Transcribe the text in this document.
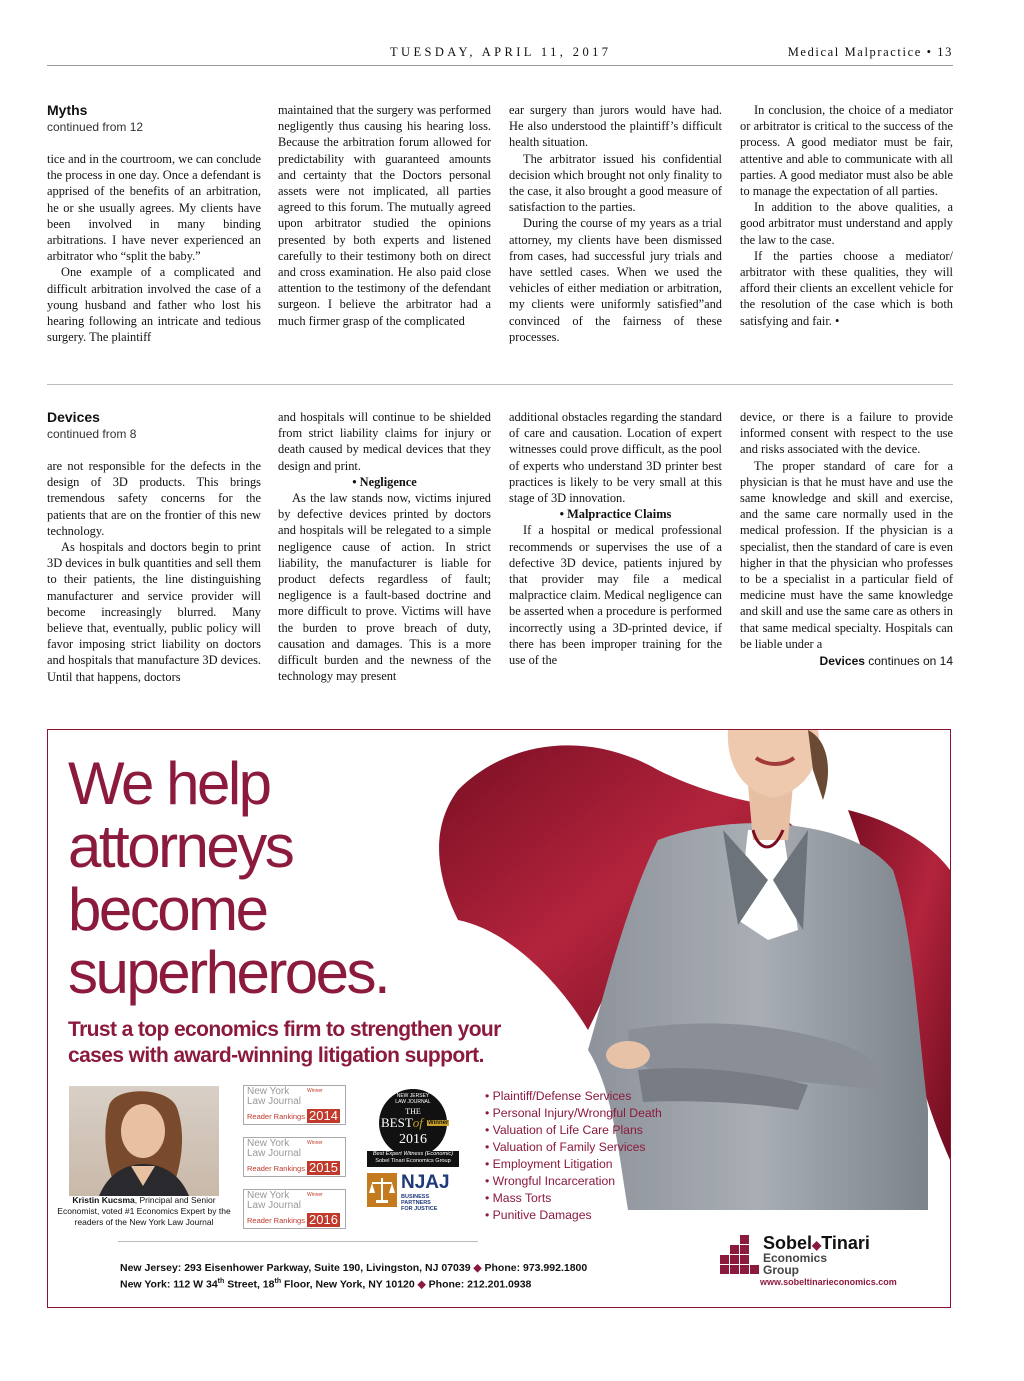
TUESDAY, APRIL 11, 2017	Medical Malpractice • 13
Myths
continued from 12

tice and in the courtroom, we can conclude the process in one day. Once a defendant is apprised of the benefits of an arbitration, he or she usually agrees. My clients have been involved in many binding arbitrations. I have never experienced an arbitrator who “split the baby.”

One example of a complicated and difficult arbitration involved the case of a young husband and father who lost his hearing following an intricate and tedious surgery. The plaintiff

maintained that the surgery was performed negligently thus causing his hearing loss. Because the arbitration forum allowed for predictability with guaranteed amounts and certainty that the Doctors personal assets were not implicated, all parties agreed to this forum. The mutually agreed upon arbitrator studied the opinions presented by both experts and listened carefully to their testimony both on direct and cross examination. He also paid close attention to the testimony of the defendant surgeon. I believe the arbitrator had a much firmer grasp of the complicated

ear surgery than jurors would have had. He also understood the plaintiff’s difficult health situation.

The arbitrator issued his confidential decision which brought not only finality to the case, it also brought a good measure of satisfaction to the parties.

During the course of my years as a trial attorney, my clients have been dismissed from cases, had successful jury trials and have settled cases. When we used the vehicles of either mediation or arbitration, my clients were uniformly satisfied”and convinced of the fairness of these processes.

In conclusion, the choice of a mediator or arbitrator is critical to the success of the process. A good mediator must be fair, attentive and able to communicate with all parties. A good mediator must also be able to manage the expectation of all parties.

In addition to the above qualities, a good arbitrator must understand and apply the law to the case.

If the parties choose a mediator/ arbitrator with these qualities, they will afford their clients an excellent vehicle for the resolution of the case which is both satisfying and fair. •

Devices
continued from 8

are not responsible for the defects in the design of 3D products. This brings tremendous safety concerns for the patients that are on the frontier of this new technology.

As hospitals and doctors begin to print 3D devices in bulk quantities and sell them to their patients, the line distinguishing manufacturer and service provider will become increasingly blurred. Many believe that, eventually, public policy will favor imposing strict liability on doctors and hospitals that manufacture 3D devices. Until that happens, doctors

and hospitals will continue to be shielded from strict liability claims for injury or death caused by medical devices that they design and print.

• Negligence

As the law stands now, victims injured by defective devices printed by doctors and hospitals will be relegated to a simple negligence cause of action. In strict liability, the manufacturer is liable for product defects regardless of fault; negligence is a fault-based doctrine and more difficult to prove. Victims will have the burden to prove breach of duty, causation and damages. This is a more difficult burden and the newness of the technology may present

additional obstacles regarding the standard of care and causation. Location of expert witnesses could prove difficult, as the pool of experts who understand 3D printer best practices is likely to be very small at this stage of 3D innovation.

• Malpractice Claims

If a hospital or medical professional recommends or supervises the use of a defective 3D device, patients injured by that provider may file a medical malpractice claim. Medical negligence can be asserted when a procedure is performed incorrectly using a 3D-printed device, if there has been improper training for the use of the

device, or there is a failure to provide informed consent with respect to the use and risks associated with the device.

The proper standard of care for a physician is that he must have and use the same knowledge and skill and exercise, and the same care normally used in the medical profession. If the physician is a specialist, then the standard of care is even higher in that the physician who professes to be a specialist in a particular field of medicine must have the same knowledge and skill and use the same care as others in that same medical specialty. Hospitals can be liable under a

Devices continues on 14
We help
attorneys
become
superheroes.
Trust a top economics firm to strengthen your cases with award-winning litigation support.
Kristin Kucsma, Principal and Senior Economist, voted #1 Economics Expert by the readers of the New York Law Journal
New York
Law Journal
Reader Rankings
Winner
2014
New York
Law Journal
Reader Rankings
Winner
2015
New York
Law Journal
Reader Rankings
Winner
2016
NEW JERSEY
LAW JOURNAL
THE
BESTof Winner
2016
Best Expert Witness (Economic)
Sobel Tinari Economics Group
NJAJ
BUSINESS PARTNERS
FOR JUSTICE
• Plaintiff/Defense Services
• Personal Injury/Wrongful Death
• Valuation of Life Care Plans
• Valuation of Family Services
• Employment Litigation
• Wrongful Incarceration
• Mass Torts
• Punitive Damages
New Jersey: 293 Eisenhower Parkway, Suite 190, Livingston, NJ 07039 ◆ Phone: 973.992.1800
New York: 112 W 34th Street, 18th Floor, New York, NY 10120 ◆ Phone: 212.201.0938
Sobel◆Tinari
Economics
Group
www.sobeltinarieconomics.com
